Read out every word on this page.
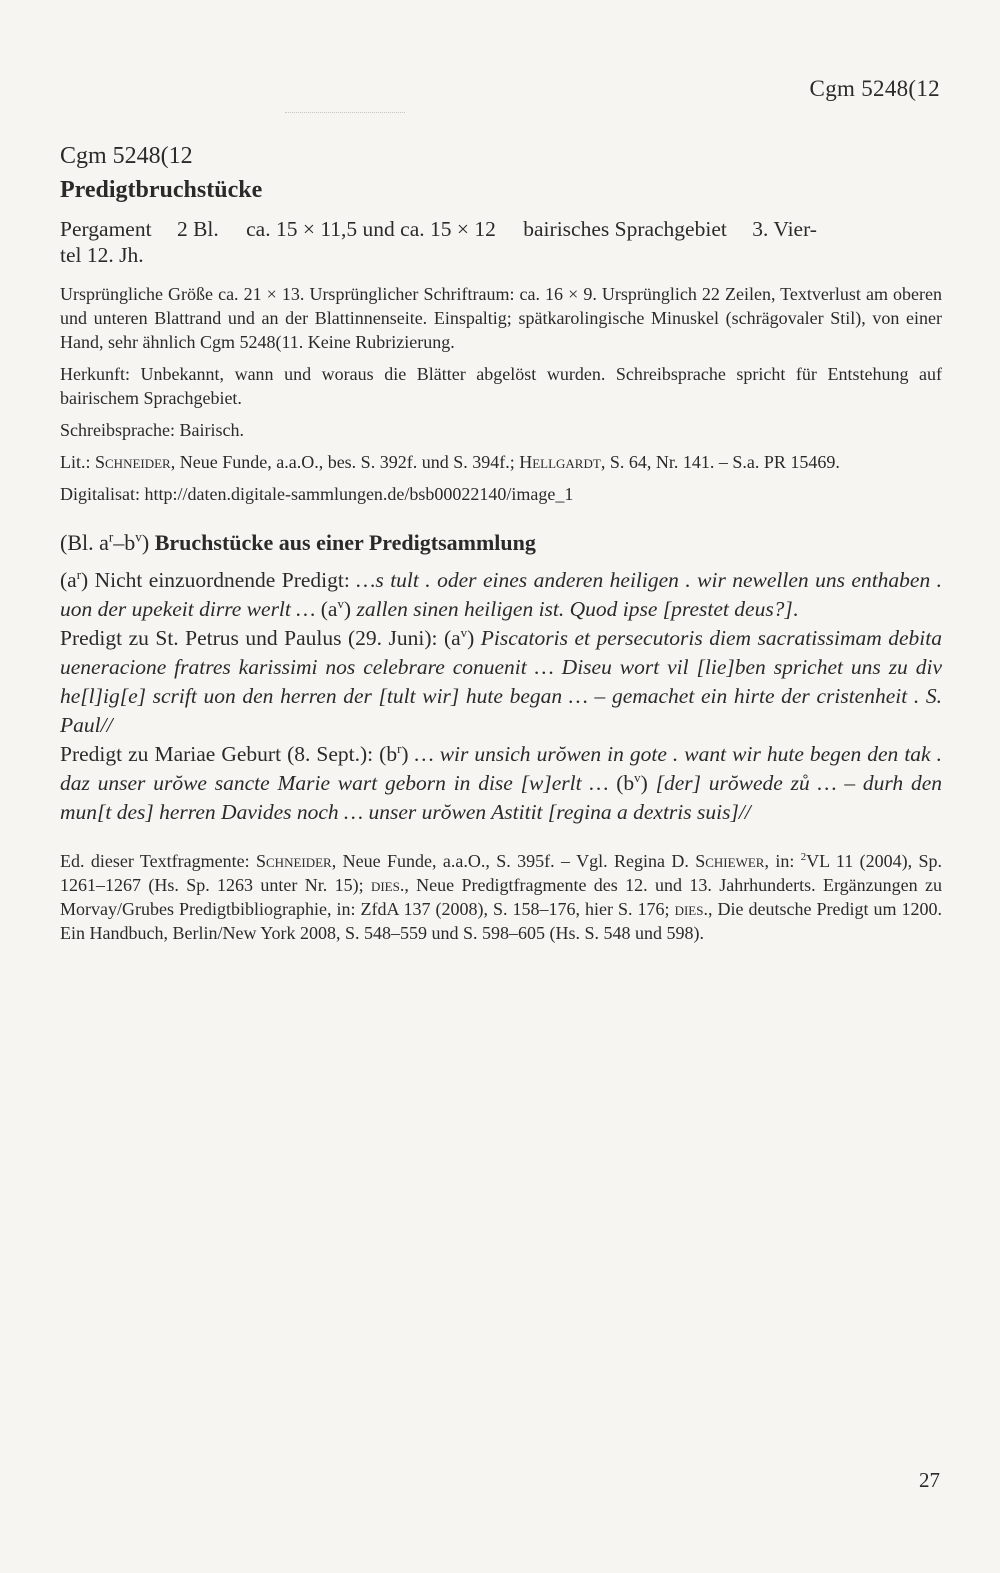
Cgm 5248(12

Cgm 5248(12

Predigtbruchstücke

Pergament 2 Bl. ca. 15 × 11,5 und ca. 15 × 12 bairisches Sprachgebiet 3. Vier-
tel 12. Jh.

Ursprüngliche Größe ca. 21 × 13. Ursprünglicher Schriftraum: ca. 16 × 9. Ursprünglich 22 Zeilen, Textverlust am oberen und unteren Blattrand und an der Blattinnenseite. Einspaltig; spätkarolingische Minuskel (schrägovaler Stil), von einer Hand, sehr ähnlich Cgm 5248(11. Keine Rubrizierung.

Herkunft: Unbekannt, wann und woraus die Blätter abgelöst wurden. Schreibsprache spricht für Entstehung auf bairischem Sprachgebiet.

Schreibsprache: Bairisch.

Lit.: Schneider, Neue Funde, a.a.O., bes. S. 392f. und S. 394f.; Hellgardt, S. 64, Nr. 141. – S.a. PR 15469.

Digitalisat: http://daten.digitale-sammlungen.de/bsb00022140/image_1

(Bl. $a^r-b^v$) Bruchstücke aus einer Predigtsammlung

$(a^r)$ Nicht einzuordnende Predigt: …s tult . oder eines anderen heiligen . wir newellen uns enthaben . uon der upekeit dirre werlt … $(a^v)$ zallen sinen heiligen ist. Quod ipse [prestet deus?].

Predigt zu St. Petrus und Paulus (29. Juni): $(a^v)$ Piscatoris et persecutoris diem sacratissimam debita ueneracione fratres karissimi nos celebrare conuenit … Diseu wort vil [lie]ben sprichet uns zu div he[l]ig[e] scrift uon den herren der [tult wir] hute began … – gemachet ein hirte der cristenheit . S. Paul//

Predigt zu Mariae Geburt (8. Sept.): $(b^r)$ … wir unsich urŏwen in gote . want wir hute begen den tak . daz unser urŏwe sancte Marie wart geborn in dise [w]erlt … $(b^v)$ [der] urŏwede zů … – durh den mun[t des] herren Davides noch … unser urŏwen Astitit [regina a dextris suis]//

Ed. dieser Textfragmente: Schneider, Neue Funde, a.a.O., S. 395f. – Vgl. Regina D. Schiewer, in: $^2$VL 11 (2004), Sp. 1261–1267 (Hs. Sp. 1263 unter Nr. 15); dies., Neue Predigtfragmente des 12. und 13. Jahrhunderts. Ergänzungen zu Morvay/Grubes Predigtbibliographie, in: ZfdA 137 (2008), S. 158–176, hier S. 176; dies., Die deutsche Predigt um 1200. Ein Handbuch, Berlin/New York 2008, S. 548–559 und S. 598–605 (Hs. S. 548 und 598).

27
